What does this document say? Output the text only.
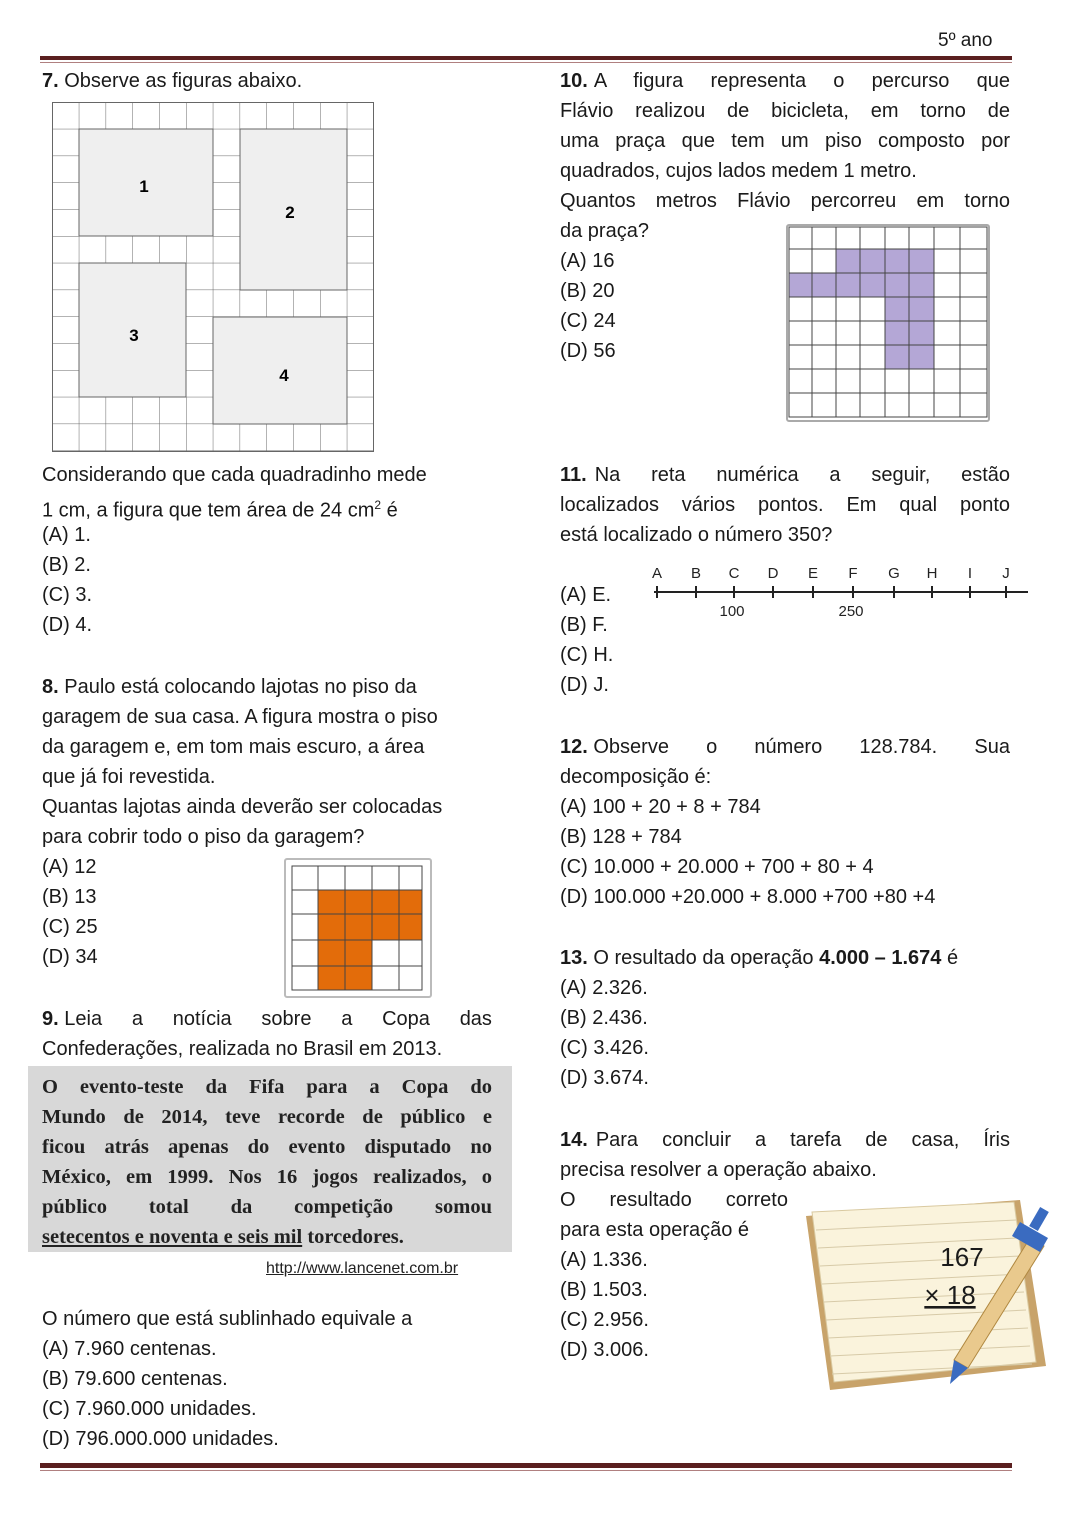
5º ano
7. Observe as figuras abaixo.
1
2
3
4
Considerando que cada quadradinho mede
1 cm, a figura que tem área de 24 $cm^2$ é
(A) 1.
(B) 2.
(C) 3.
(D) 4.
8. Paulo está colocando lajotas no piso da
garagem de sua casa. A figura mostra o piso
da garagem e, em tom mais escuro, a área
que já foi revestida.
Quantas lajotas ainda deverão ser colocadas
para cobrir todo o piso da garagem?
(A) 12
(B) 13
(C) 25
(D) 34
9. Leia a notícia sobre a Copa das
Confederações, realizada no Brasil em 2013.
O evento-teste da Fifa para a Copa do
Mundo de 2014, teve recorde de público e
ficou atrás apenas do evento disputado no
México, em 1999. Nos 16 jogos realizados, o
público total da competição somou
setecentos e noventa e seis mil torcedores.
http://www.lancenet.com.br
O número que está sublinhado equivale a
(A) 7.960 centenas.
(B) 79.600 centenas.
(C) 7.960.000 unidades.
(D) 796.000.000 unidades.
10. A figura representa o percurso que
Flávio realizou de bicicleta, em torno de
uma praça que tem um piso composto por
quadrados, cujos lados medem 1 metro.
Quantos metros Flávio percorreu em torno
da praça?
(A) 16
(B) 20
(C) 24
(D) 56
11. Na reta numérica a seguir, estão
localizados vários pontos. Em qual ponto
está localizado o número 350?
(A) E.
(B) F.
(C) H.
(D) J.
A B C D E F G H I J
100	250
12. Observe o número 128.784. Sua
decomposição é:
(A) 100 + 20 + 8 + 784
(B) 128 + 784
(C) 10.000 + 20.000 + 700 + 80 + 4
(D) 100.000 +20.000 + 8.000 +700 +80 +4
13. O resultado da operação 4.000 – 1.674 é
(A) 2.326.
(B) 2.436.
(C) 3.426.
(D) 3.674.
14. Para concluir a tarefa de casa, Íris
precisa resolver a operação abaixo.
O resultado correto
para esta operação é
(A) 1.336.
(B) 1.503.
(C) 2.956.
(D) 3.006.
167
× 18
